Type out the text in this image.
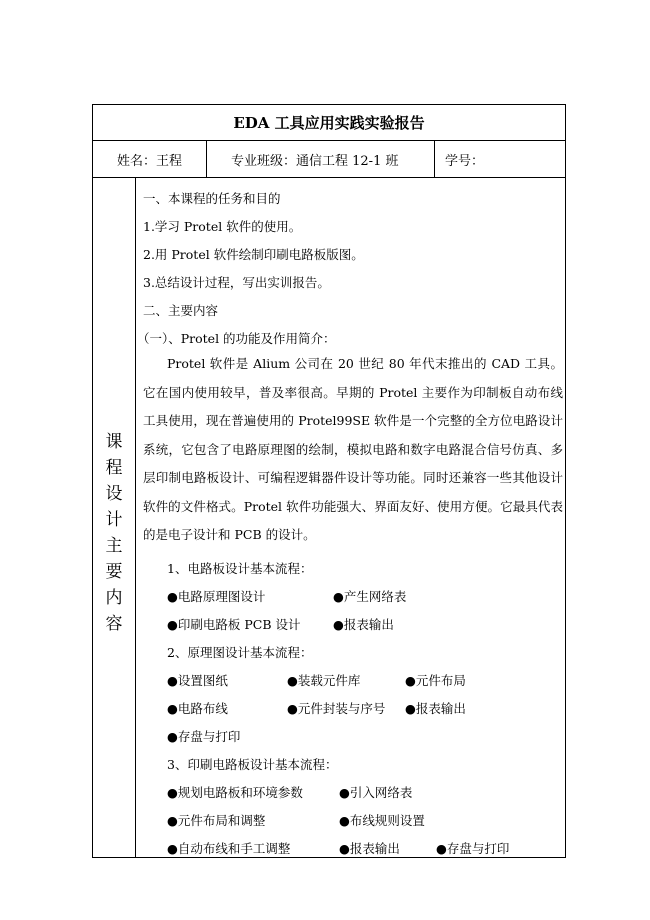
EDA 工具应用实践实验报告
姓名：王程	专业班级：通信工程 12-1 班	学号：
课
程
设
计
主
要
内
容
一、本课程的任务和目的
1.学习 Protel 软件的使用。
2.用 Protel 软件绘制印刷电路板版图。
3.总结设计过程，写出实训报告。
二、主要内容
（一）、Protel 的功能及作用简介：
Protel 软件是 Alium 公司在 20 世纪 80 年代末推出的 CAD 工具。它在国内使用较早，普及率很高。早期的 Protel 主要作为印制板自动布线工具使用，现在普遍使用的 Protel99SE 软件是一个完整的全方位电路设计系统，它包含了电路原理图的绘制，模拟电路和数字电路混合信号仿真、多层印制电路板设计、可编程逻辑器件设计等功能。同时还兼容一些其他设计软件的文件格式。Protel 软件功能强大、界面友好、使用方便。它最具代表的是电子设计和 PCB 的设计。
1、电路板设计基本流程：
●电路原理图设计	●产生网络表
●印刷电路板 PCB 设计	●报表输出
2、原理图设计基本流程：
●设置图纸	●装载元件库	●元件布局
●电路布线	●元件封装与序号 ●报表输出
●存盘与打印
3、印刷电路板设计基本流程：
●规划电路板和环境参数	●引入网络表
●元件布局和调整	●布线规则设置
●自动布线和手工调整	●报表输出	●存盘与打印
